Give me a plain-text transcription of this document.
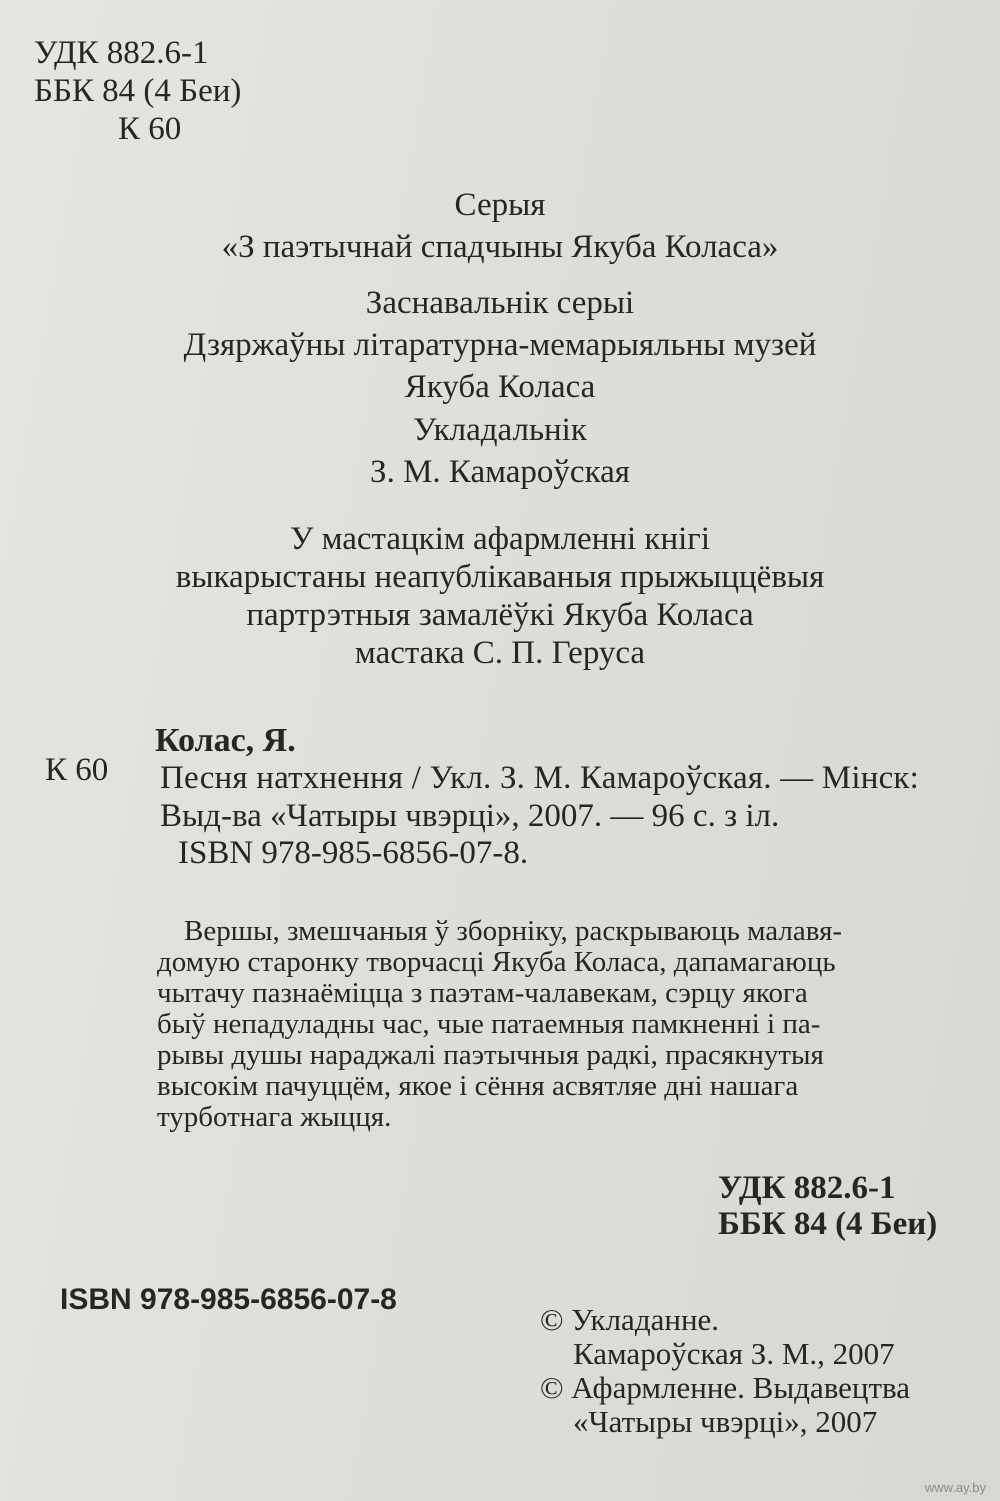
УДК 882.6-1
ББК 84 (4 Беи)
К 60
Серыя
«З паэтычнай спадчыны Якуба Коласа»
Заснавальнік серыі
Дзяржаўны літаратурна-мемарыяльны музей
Якуба Коласа
Укладальнік
З. М. Камароўская
У мастацкім афармленні кнігі
выкарыстаны неапублікаваныя прыжыццёвыя
партрэтныя замалёўкі Якуба Коласа
мастака С. П. Геруса
Колас, Я.
К 60 Песня натхнення / Укл. З. М. Камароўская. — Мінск:
Выд-ва «Чатыры чвэрці», 2007. — 96 с. з іл.
ISBN 978-985-6856-07-8.
Вершы, змешчаныя ў зборніку, раскрываюць малавя-
домую старонку творчасці Якуба Коласа, дапамагаюць
чытачу пазнаёміцца з паэтам-чалавекам, сэрцу якога
быў непадуладны час, чые патаемныя памкненні і па-
рывы душы нараджалі паэтычныя радкі, прасякнутыя
высокім пачуццём, якое і сёння асвятляе дні нашага
турботнага жыцця.
УДК 882.6-1
ББК 84 (4 Беи)
ISBN 978-985-6856-07-8
© Укладанне.
Камароўская З. М., 2007
© Афармленне. Выдавецтва
«Чатыры чвэрці», 2007
www.ay.by
